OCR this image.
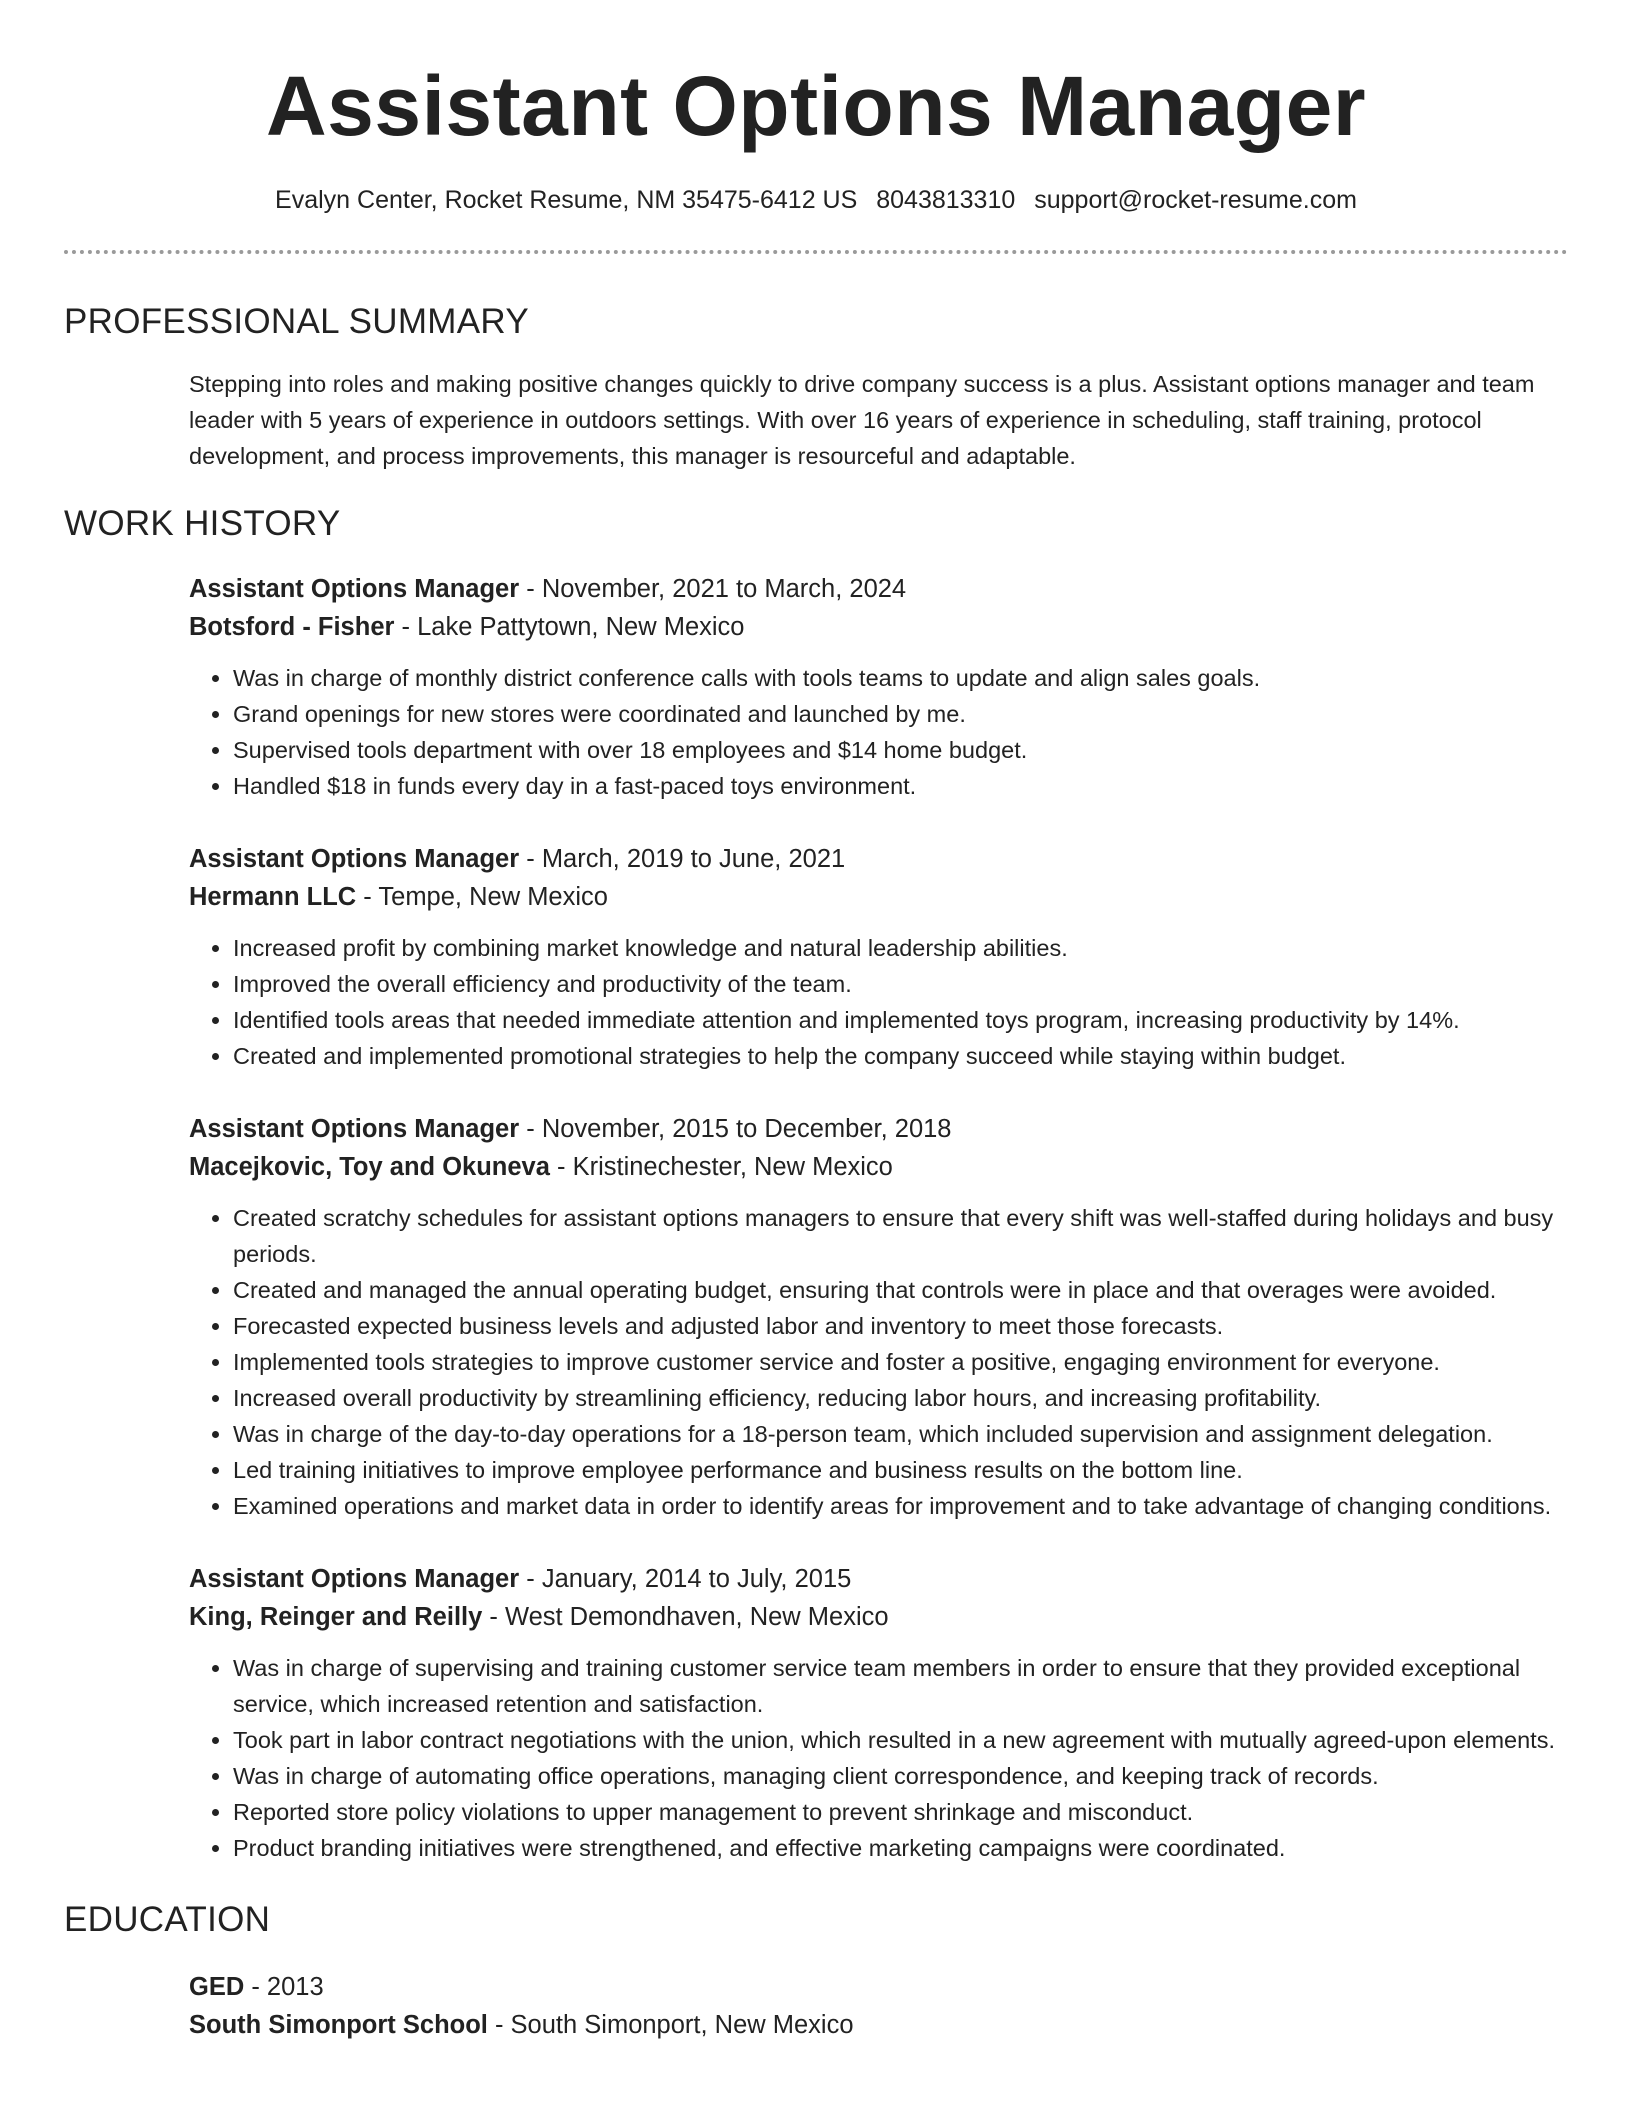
Assistant Options Manager
Evalyn Center, Rocket Resume, NM 35475-6412 US 8043813310 support@rocket-resume.com
PROFESSIONAL SUMMARY

Stepping into roles and making positive changes quickly to drive company success is a plus. Assistant options manager and team leader with 5 years of experience in outdoors settings. With over 16 years of experience in scheduling, staff training, protocol development, and process improvements, this manager is resourceful and adaptable.

WORK HISTORY
Assistant Options Manager - November, 2021 to March, 2024
Botsford - Fisher - Lake Pattytown, New Mexico
• Was in charge of monthly district conference calls with tools teams to update and align sales goals.
• Grand openings for new stores were coordinated and launched by me.
• Supervised tools department with over 18 employees and $14 home budget.
• Handled $18 in funds every day in a fast-paced toys environment.
Assistant Options Manager - March, 2019 to June, 2021
Hermann LLC - Tempe, New Mexico
• Increased profit by combining market knowledge and natural leadership abilities.
• Improved the overall efficiency and productivity of the team.
• Identified tools areas that needed immediate attention and implemented toys program, increasing productivity by 14%.
• Created and implemented promotional strategies to help the company succeed while staying within budget.
Assistant Options Manager - November, 2015 to December, 2018
Macejkovic, Toy and Okuneva - Kristinechester, New Mexico
• Created scratchy schedules for assistant options managers to ensure that every shift was well-staffed during holidays and busy periods.
• Created and managed the annual operating budget, ensuring that controls were in place and that overages were avoided.
• Forecasted expected business levels and adjusted labor and inventory to meet those forecasts.
• Implemented tools strategies to improve customer service and foster a positive, engaging environment for everyone.
• Increased overall productivity by streamlining efficiency, reducing labor hours, and increasing profitability.
• Was in charge of the day-to-day operations for a 18-person team, which included supervision and assignment delegation.
• Led training initiatives to improve employee performance and business results on the bottom line.
• Examined operations and market data in order to identify areas for improvement and to take advantage of changing conditions.
Assistant Options Manager - January, 2014 to July, 2015
King, Reinger and Reilly - West Demondhaven, New Mexico
• Was in charge of supervising and training customer service team members in order to ensure that they provided exceptional service, which increased retention and satisfaction.
• Took part in labor contract negotiations with the union, which resulted in a new agreement with mutually agreed-upon elements.
• Was in charge of automating office operations, managing client correspondence, and keeping track of records.
• Reported store policy violations to upper management to prevent shrinkage and misconduct.
• Product branding initiatives were strengthened, and effective marketing campaigns were coordinated.
EDUCATION
GED - 2013
South Simonport School - South Simonport, New Mexico
